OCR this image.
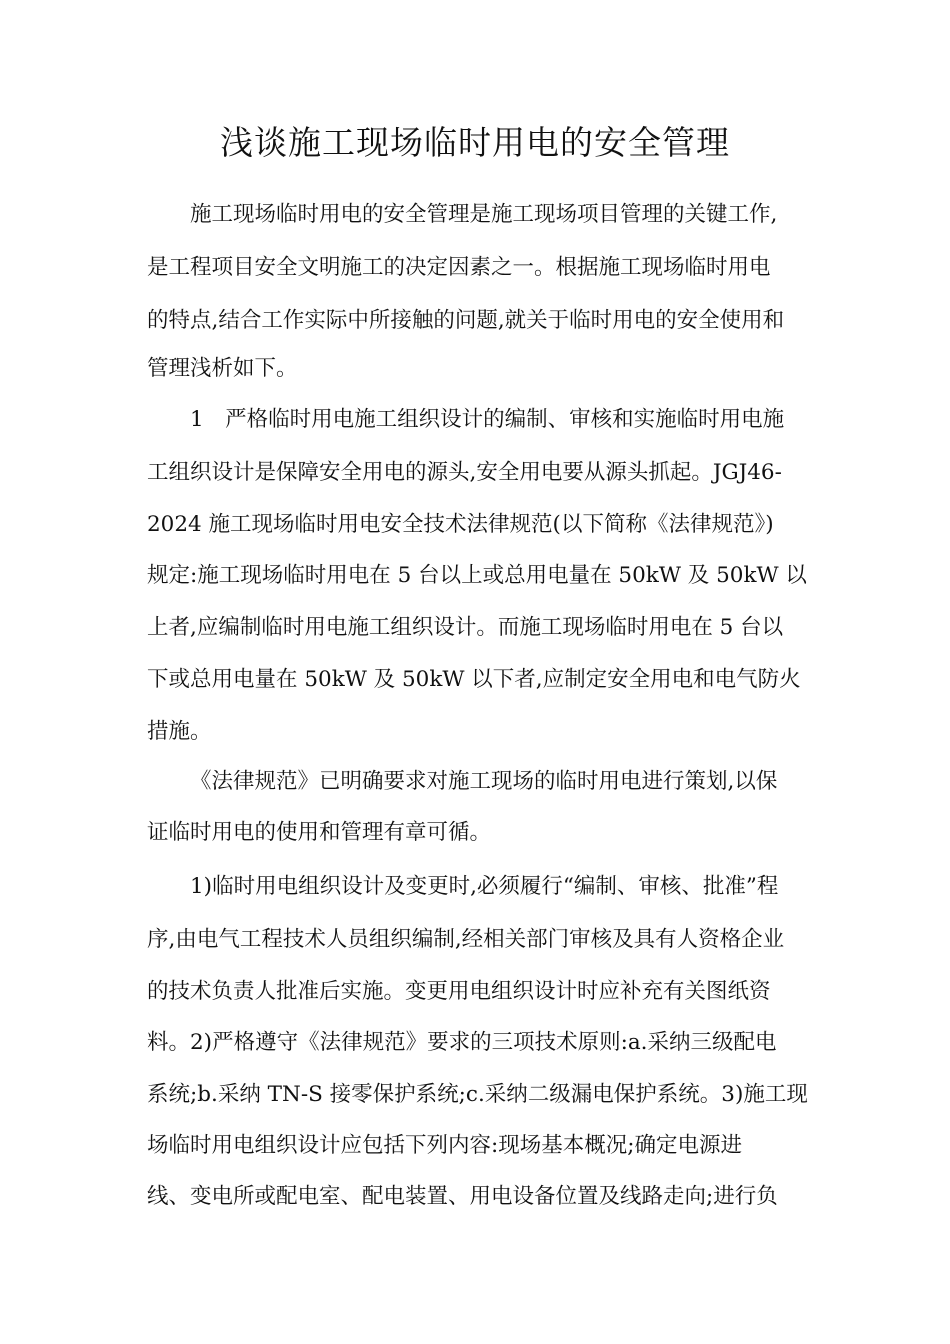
浅谈施工现场临时用电的安全管理
施工现场临时用电的安全管理是施工现场项目管理的关键工作,
是工程项目安全文明施工的决定因素之一。根据施工现场临时用电
的特点,结合工作实际中所接触的问题,就关于临时用电的安全使用和
管理浅析如下。
1　严格临时用电施工组织设计的编制、审核和实施临时用电施
工组织设计是保障安全用电的源头,安全用电要从源头抓起。JGJ46-
2024 施工现场临时用电安全技术法律规范(以下简称《法律规范》)
规定:施工现场临时用电在 5 台以上或总用电量在 50kW 及 50kW 以
上者,应编制临时用电施工组织设计。而施工现场临时用电在 5 台以
下或总用电量在 50kW 及 50kW 以下者,应制定安全用电和电气防火
措施。
《法律规范》已明确要求对施工现场的临时用电进行策划,以保
证临时用电的使用和管理有章可循。
1)临时用电组织设计及变更时,必须履行“编制、审核、批准”程
序,由电气工程技术人员组织编制,经相关部门审核及具有人资格企业
的技术负责人批准后实施。变更用电组织设计时应补充有关图纸资
料。2)严格遵守《法律规范》要求的三项技术原则:a.采纳三级配电
系统;b.采纳 TN-S 接零保护系统;c.采纳二级漏电保护系统。3)施工现
场临时用电组织设计应包括下列内容:现场基本概况;确定电源进
线、变电所或配电室、配电装置、用电设备位置及线路走向;进行负
